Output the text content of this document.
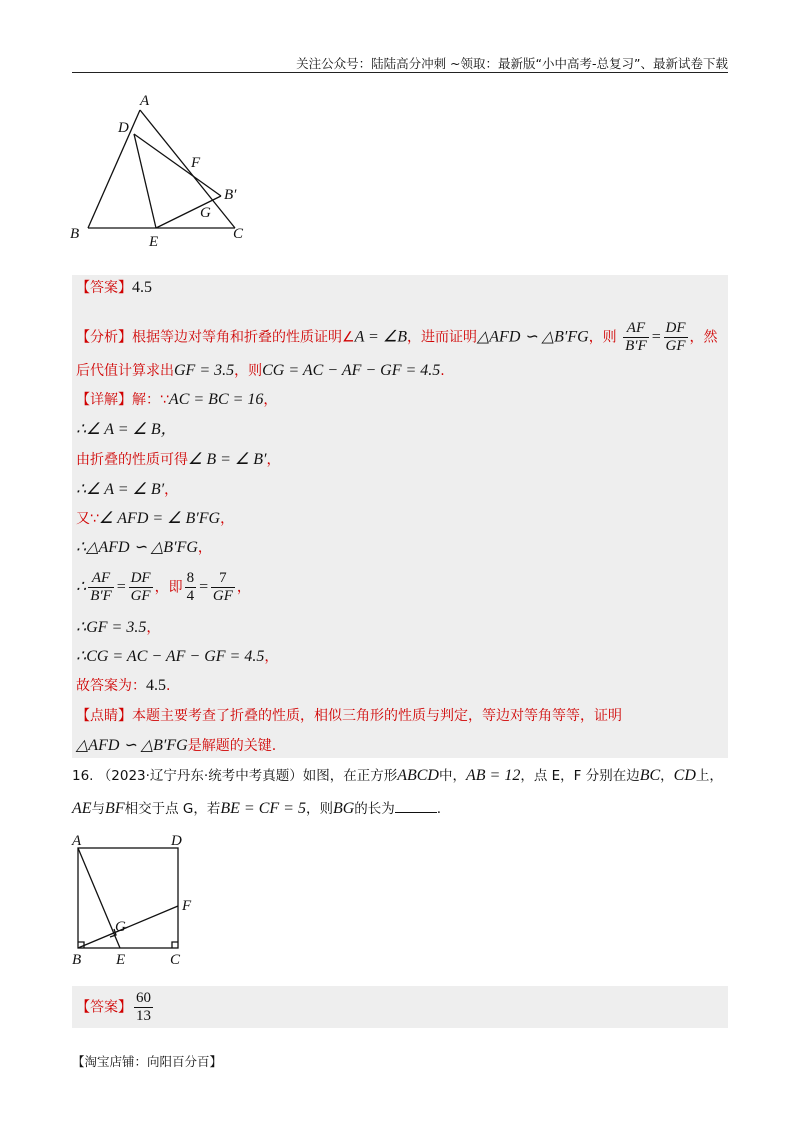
关注公众号：陆陆高分冲刺 ~领取：最新版“小中高考-总复习”、最新试卷下载
A
D
F
B′
G
B	E	C
【答案】4.5
【分析】根据等边对等角和折叠的性质证明∠A = ∠B，进而证明△AFD ∽ △B′FG，则 $\frac{AF}{B'F} = \frac{DF}{GF}$ ，然
后代值计算求出GF = 3.5，则CG = AC − AF − GF = 4.5.
【详解】解：∵AC = BC = 16，
∴∠ A = ∠ B，
由折叠的性质可得∠ B = ∠ B′，
∴∠ A = ∠ B′，
又∵∠ AFD = ∠ B′FG，
∴△AFD ∽ △B′FG，
∴ $\frac{AF}{B'F} = \frac{DF}{GF}$ ，即 $\frac{8}{4} = \frac{7}{GF}$ ，
∴GF = 3.5，
∴CG = AC − AF − GF = 4.5，
故答案为：4.5.
【点睛】本题主要考查了折叠的性质，相似三角形的性质与判定，等边对等角等等，证明
△AFD ∽ △B′FG是解题的关键.
16. （2023·辽宁丹东·统考中考真题）如图，在正方形ABCD中，AB = 12，点 E，F 分别在边BC，CD上，
AE与BF相交于点 G，若BE = CF = 5，则BG的长为	.
A	D
F
G
B E	C
【答案】 $\frac{60}{13}$
【淘宝店铺：向阳百分百】
